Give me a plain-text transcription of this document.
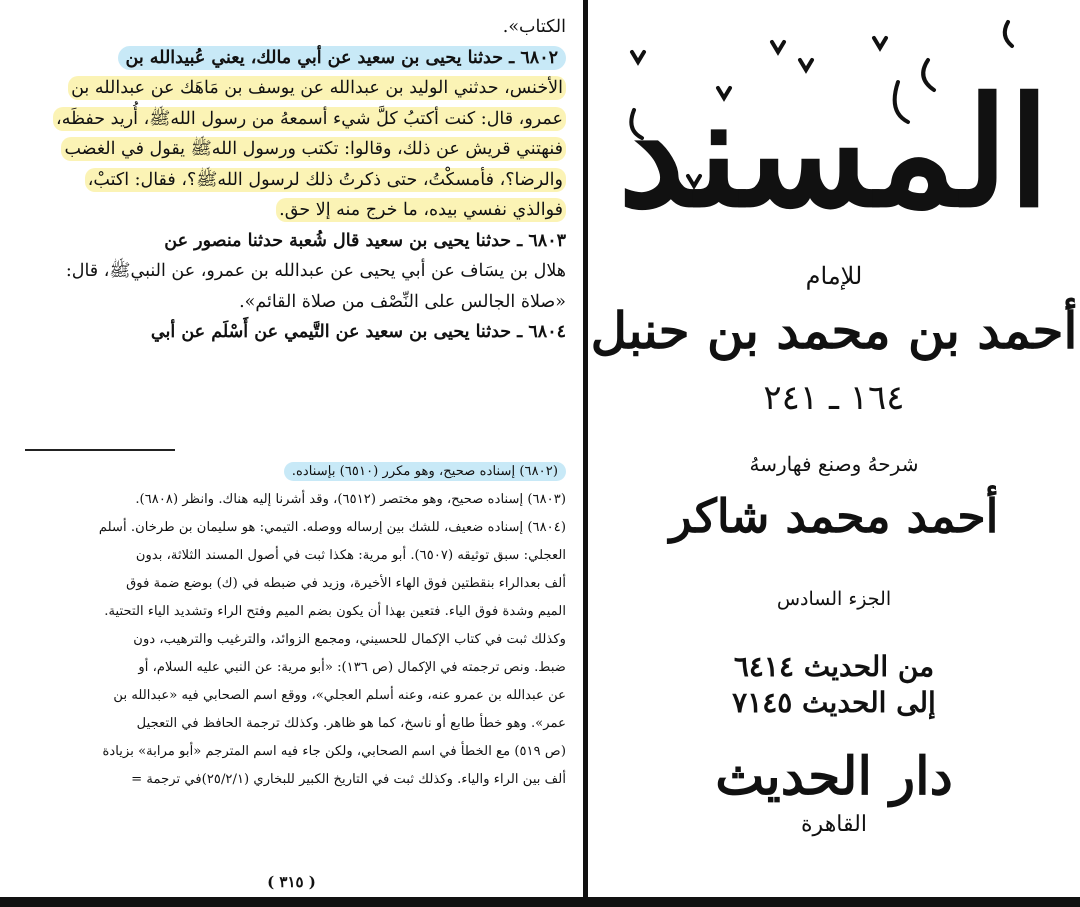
الكتاب».

٦٨٠٢ ـ حدثنا يحيى بن سعيد عن أبي مالك، يعني عُبيدالله بن

الأخنس، حدثني الوليد بن عبدالله عن يوسف بن مَاهَك عن عبدالله بن

عمرو، قال: كنت أكتبُ كلَّ شيء أسمعهُ من رسول اللهﷺ، أُريد حفظَه،

فنهتني قريش عن ذلك، وقالوا: تكتب ورسول اللهﷺ يقول في الغضب

والرضا؟، فأمسكْتُ، حتى ذكرتُ ذلك لرسول اللهﷺ؟، فقال: اكتبْ،

فوالذي نفسي بيده، ما خرج منه إلا حق.

٦٨٠٣ ـ حدثنا يحيى بن سعيد قال شُعبة حدثنا منصور عن

هلال بن يسَاف عن أبي يحيى عن عبدالله بن عمرو، عن النبيﷺ، قال:

«صلاة الجالس على النِّصْف من صلاة القائم».

٦٨٠٤ ـ حدثنا يحيى بن سعيد عن التَّيمي عن أَسْلَم عن أبي

(٦٨٠٢) إسناده صحيح، وهو مكرر (٦٥١٠) بإسناده.

(٦٨٠٣) إسناده صحيح، وهو مختصر (٦٥١٢)، وقد أشرنا إليه هناك. وانظر (٦٨٠٨).

(٦٨٠٤) إسناده ضعيف، للشك بين إرساله ووصله. التيمي: هو سليمان بن طرخان. أسلم

العجلي: سبق توثيقه (٦٥٠٧). أبو مرية: هكذا ثبت في أصول المسند الثلاثة، بدون

ألف بعدالراء بنقطتين فوق الهاء الأخيرة، وزيد في ضبطه في (ك) بوضع ضمة فوق

الميم وشدة فوق الياء. فتعين بهذا أن يكون بضم الميم وفتح الراء وتشديد الياء التحتية.

وكذلك ثبت في كتاب الإكمال للحسيني، ومجمع الزوائد، والترغيب والترهيب، دون

ضبط. ونص ترجمته في الإكمال (ص ١٣٦): «أبو مرية: عن النبي عليه السلام، أو

عن عبدالله بن عمرو عنه، وعنه أسلم العجلي»، ووقع اسم الصحابي فيه «عبدالله بن

عمر». وهو خطأ طابع أو ناسخ، كما هو ظاهر. وكذلك ترجمة الحافظ في التعجيل

(ص ٥١٩) مع الخطأ في اسم الصحابي، ولكن جاء فيه اسم المترجم «أبو مرابة» بزيادة

ألف بين الراء والياء. وكذلك ثبت في التاريخ الكبير للبخاري (٢٥/٢/١)في ترجمة =

( ٣١٥ )
المسند
للإمام
أحمد بن محمد بن حنبل
١٦٤ ـ ٢٤١
شرحهُ وصنع فهارسهُ
أحمد محمد شاكر
الجزء السادس
من الحديث ٦٤١٤
إلى الحديث ٧١٤٥
دار الحديث
القاهرة
